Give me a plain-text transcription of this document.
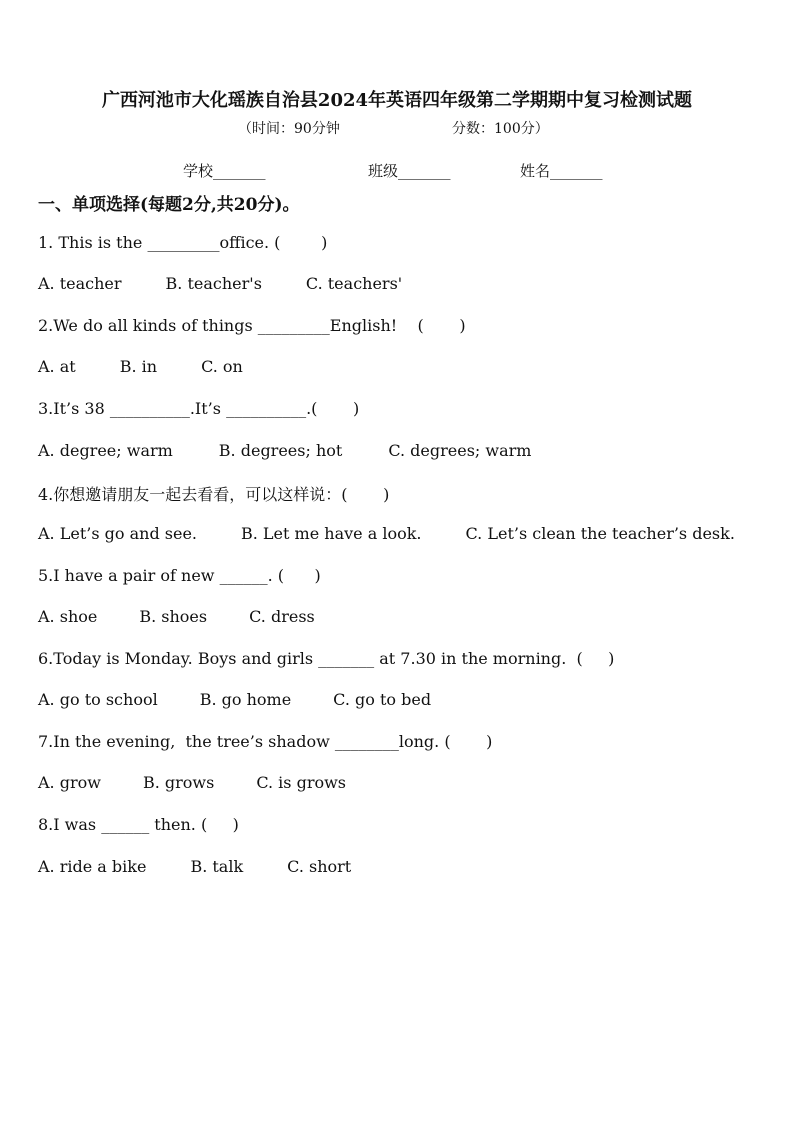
广西河池市大化瑶族自治县2024年英语四年级第二学期期中复习检测试题
（时间：90分钟	分数：100分）
学校_______	班级_______	姓名_______
一、单项选择(每题2分,共20分)。
1. This is the _________office. (        )
A. teacher	B. teacher's	C. teachers'
2.We do all kinds of things _________English!    (       )
A. at	B. in	C. on
3.It’s 38 __________.It’s __________.(       )
A. degree; warm	B. degrees; hot	C. degrees; warm
4.你想邀请朋友一起去看看，可以这样说：(       )
A. Let’s go and see.	B. Let me have a look.	C. Let’s clean the teacher’s desk.
5.I have a pair of new ______. (      )
A. shoe	B. shoes	C. dress
6.Today is Monday. Boys and girls _______ at 7.30 in the morning.  (     )
A. go to school	B. go home	C. go to bed
7.In the evening,  the tree’s shadow ________long. (       )
A. grow	B. grows	C. is grows
8.I was ______ then. (     )
A. ride a bike	B. talk	C. short
